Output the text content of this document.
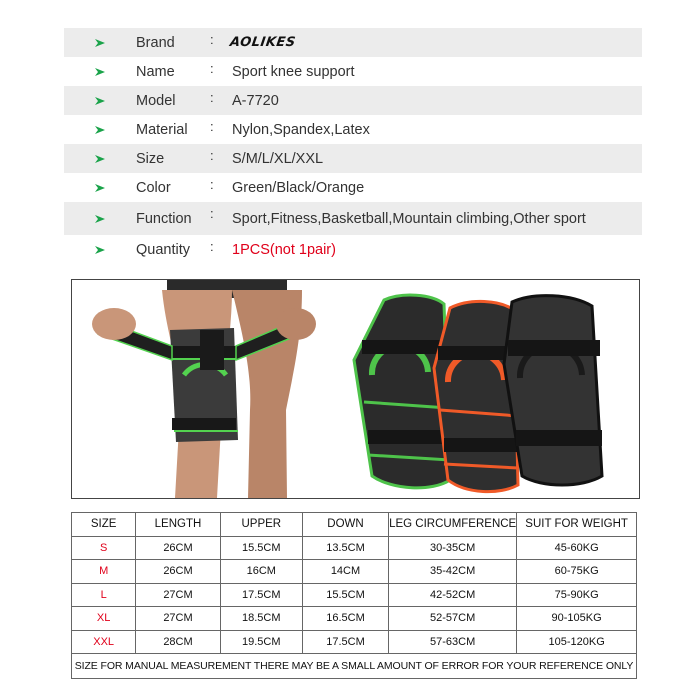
Brand	: AOLIKES
Name	: Sport knee support
Model	: A-7720
Material : Nylon,Spandex,Latex
Size	: S/M/L/XL/XXL
Color	: Green/Black/Orange
Function : Sport,Fitness,Basketball,Mountain climbing,Other sport
Quantity : 1PCS(not 1pair)
SIZE	LENGTH	UPPER	DOWN	LEG CIRCUMFERENCE	SUIT FOR WEIGHT
S	26CM	15.5CM	13.5CM	30-35CM	45-60KG
M	26CM	16CM	14CM	35-42CM	60-75KG
L	27CM	17.5CM	15.5CM	42-52CM	75-90KG
XL	27CM	18.5CM	16.5CM	52-57CM	90-105KG
XXL	28CM	19.5CM	17.5CM	57-63CM	105-120KG
SIZE FOR MANUAL MEASUREMENT THERE MAY BE A SMALL AMOUNT OF ERROR FOR YOUR REFERENCE ONLY					
